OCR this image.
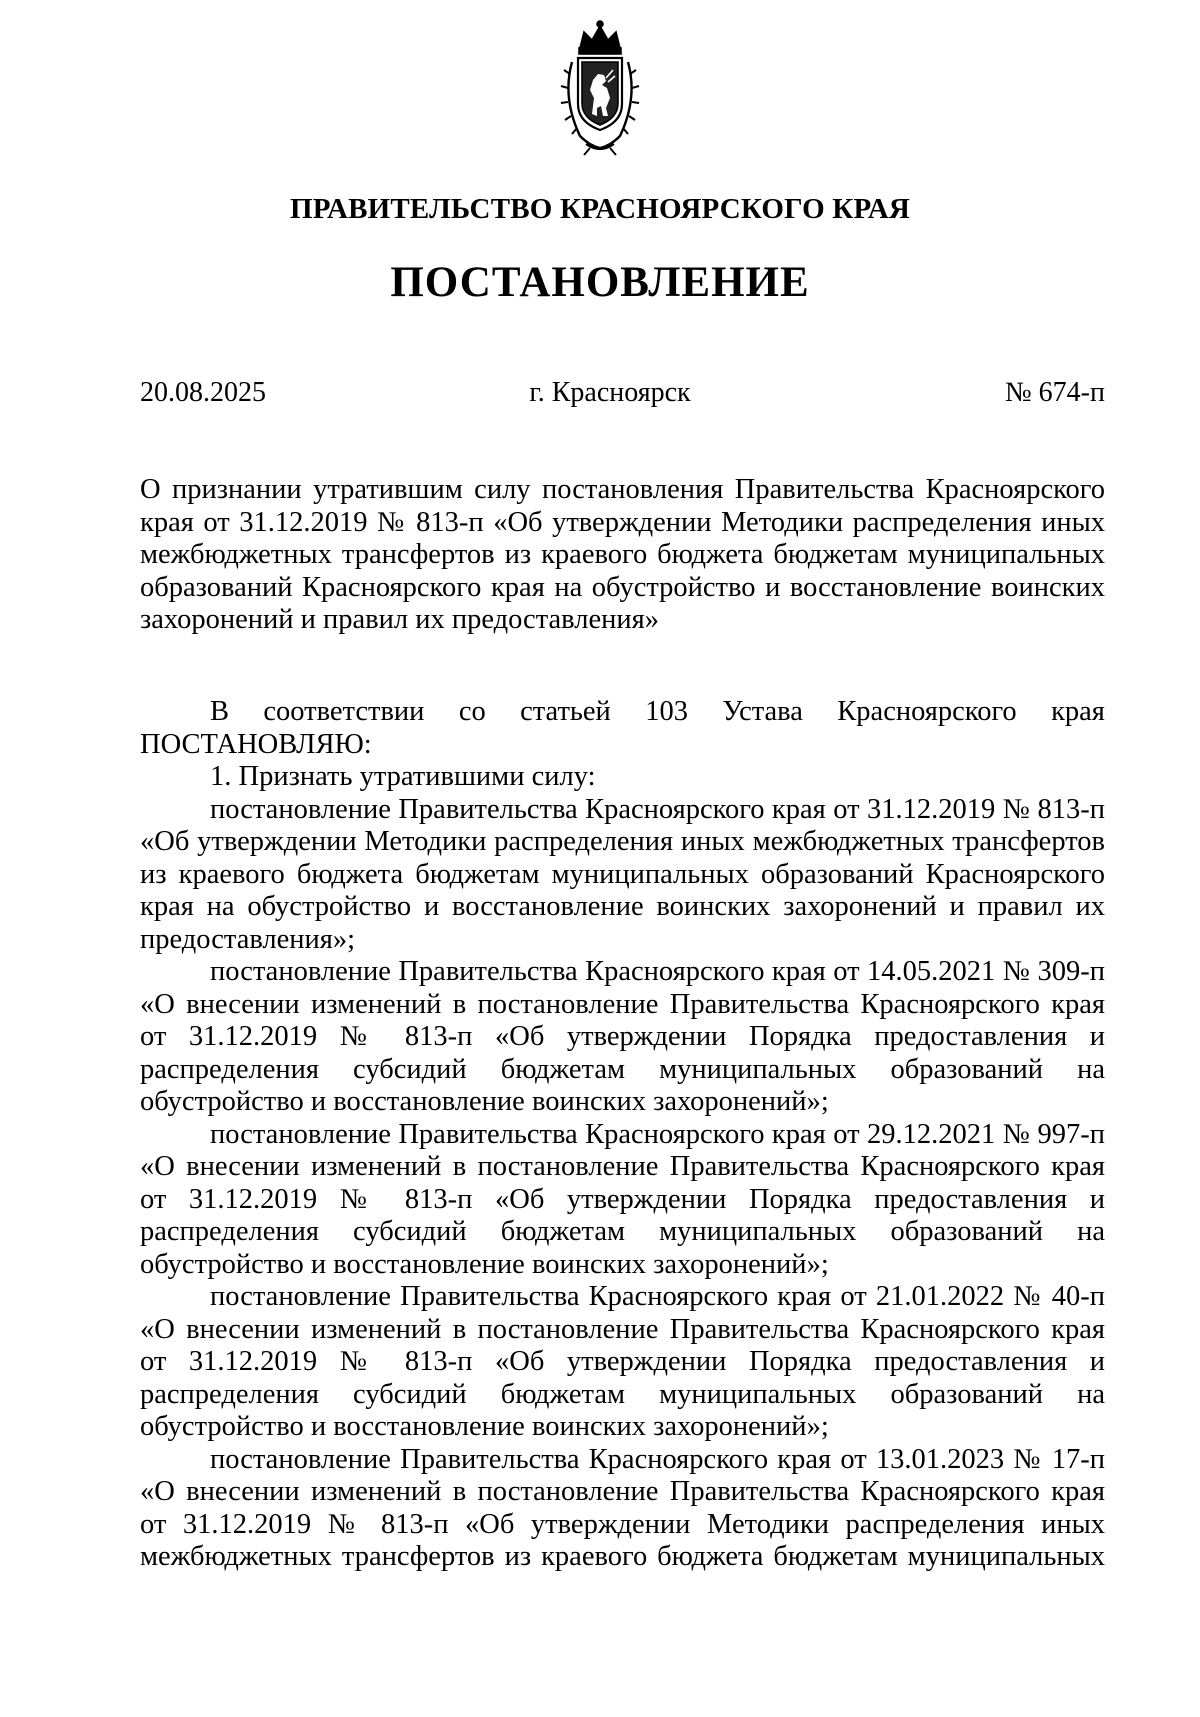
ПРАВИТЕЛЬСТВО КРАСНОЯРСКОГО КРАЯ
ПОСТАНОВЛЕНИЕ
20.08.2025	г. Красноярск	№ 674-п
О признании утратившим силу постановления Правительства Красноярского края от 31.12.2019 № 813-п «Об утверждении Методики распределения иных межбюджетных трансфертов из краевого бюджета бюджетам муниципальных образований Красноярского края на обустройство и восстановление воинских захоронений и правил их предоставления»
В соответствии со статьей 103 Устава Красноярского края

ПОСТАНОВЛЯЮ:

1. Признать утратившими силу:

постановление Правительства Красноярского края от 31.12.2019 № 813-п
«Об утверждении Методики распределения иных межбюджетных трансфертов из краевого бюджета бюджетам муниципальных образований Красноярского края на обустройство и восстановление воинских захоронений и правил их предоставления»;

постановление Правительства Красноярского края от 14.05.2021 № 309-п
«О внесении изменений в постановление Правительства Красноярского края от 31.12.2019 № 813-п «Об утверждении Порядка предоставления и распределения субсидий бюджетам муниципальных образований на обустройство и восстановление воинских захоронений»;

постановление Правительства Красноярского края от 29.12.2021 № 997-п
«О внесении изменений в постановление Правительства Красноярского края от 31.12.2019 № 813-п «Об утверждении Порядка предоставления и распределения субсидий бюджетам муниципальных образований на обустройство и восстановление воинских захоронений»;

постановление Правительства Красноярского края от 21.01.2022 № 40-п
«О внесении изменений в постановление Правительства Красноярского края от 31.12.2019 № 813-п «Об утверждении Порядка предоставления и распределения субсидий бюджетам муниципальных образований на обустройство и восстановление воинских захоронений»;

постановление Правительства Красноярского края от 13.01.2023 № 17-п
«О внесении изменений в постановление Правительства Красноярского края от 31.12.2019 № 813-п «Об утверждении Методики распределения иных межбюджетных трансфертов из краевого бюджета бюджетам муниципальных
